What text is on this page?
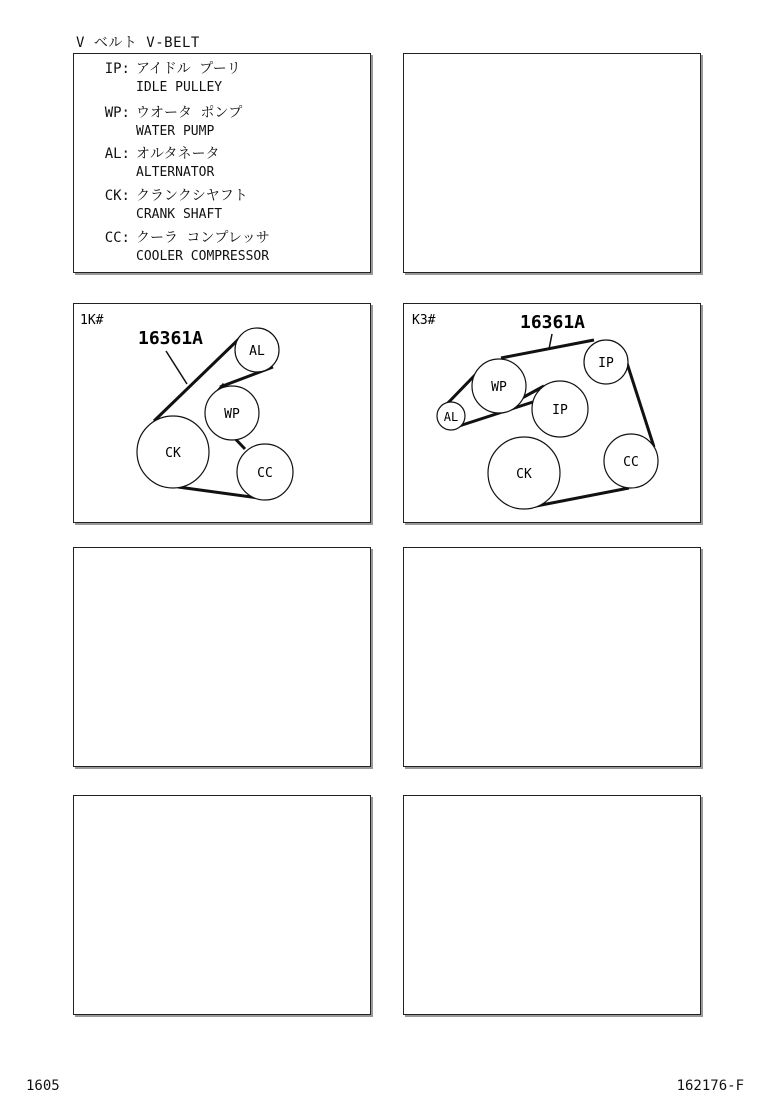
V ベルト V-BELT
IP: アイドル プーリ
IDLE PULLEY
WP: ウオータ ポンプ
WATER PUMP
AL: オルタネータ
ALTERNATOR
CK: クランクシヤフト
CRANK SHAFT
CC: クーラ コンプレッサ
COOLER COMPRESSOR
1K#
16361A
AL
WP
CK
CC
K3#	16361A
IP
WP
AL	IP
CK
CC
1605	162176-F
